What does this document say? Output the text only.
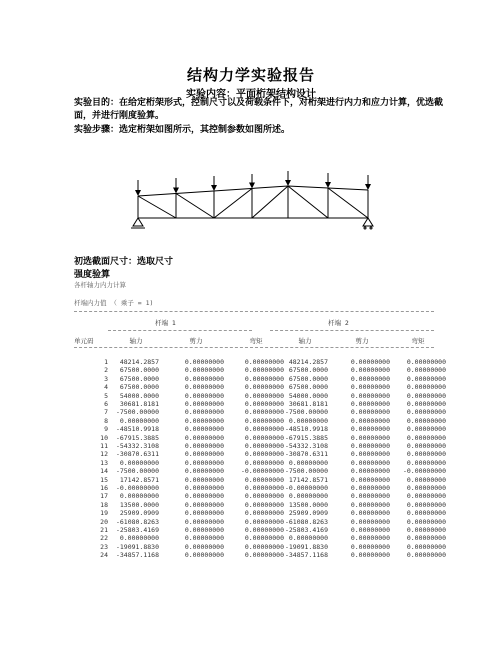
结构力学实验报告
实验内容：平面桁架结构设计
实验目的：在给定桁架形式，控制尺寸以及荷载条件下，对桁架进行内力和应力计算，优选截面，并进行刚度验算。
实验步骤：选定桁架如图所示，其控制参数如图所述。
初选截面尺寸：选取尺寸
强度验算
各杆轴力内力计算
杆端内力值 （ 乘子 = 1)
杆端 1	杆端 2
单元码	轴力	剪力	弯矩	轴力	剪力	弯矩
1	48214.2857	0.00000000	0.00000000 48214.2857	0.00000000	0.00000000
2	67500.0000	0.00000000	0.00000000 67500.0000	0.00000000	0.00000000
3	67500.0000	0.00000000	0.00000000 67500.0000	0.00000000	0.00000000
4	67500.0000	0.00000000	0.00000000 67500.0000	0.00000000	0.00000000
5	54000.0000	0.00000000	0.00000000 54000.0000	0.00000000	0.00000000
6	30681.8181	0.00000000	0.00000000 30681.8181	0.00000000	0.00000000
7	-7500.00000	0.00000000	0.00000000 -7500.00000	0.00000000	0.00000000
8	0.00000000	0.00000000	0.00000000 0.00000000	0.00000000	0.00000000
9	-48510.9918	0.00000000	0.00000000 -48510.9918	0.00000000	0.00000000
10	-67915.3885	0.00000000	0.00000000 -67915.3885	0.00000000	0.00000000
11	-54332.3108	0.00000000	0.00000000 -54332.3108	0.00000000	0.00000000
12	-30870.6311	0.00000000	0.00000000 -30870.6311	0.00000000	0.00000000
13	0.00000000	0.00000000	0.00000000 0.00000000	0.00000000	0.00000000
14	-7500.00000	0.00000000	-0.00000000 -7500.00000	0.00000000	-0.00000000
15	17142.8571	0.00000000	0.00000000 17142.8571	0.00000000	0.00000000
16	-0.00000000	0.00000000	0.00000000 -0.00000000	0.00000000	0.00000000
17	0.00000000	0.00000000	0.00000000 0.00000000	0.00000000	0.00000000
18	13500.0000	0.00000000	0.00000000 13500.0000	0.00000000	0.00000000
19	25909.0909	0.00000000	0.00000000 25909.0909	0.00000000	0.00000000
20	-61080.8263	0.00000000	0.00000000 -61080.8263	0.00000000	0.00000000
21	-25803.4169	0.00000000	0.00000000 -25803.4169	0.00000000	0.00000000
22	0.00000000	0.00000000	0.00000000 0.00000000	0.00000000	0.00000000
23	-19091.8830	0.00000000	0.00000000 -19091.8830	0.00000000	0.00000000
24	-34857.1168	0.00000000	0.00000000 -34857.1168	0.00000000	0.00000000
